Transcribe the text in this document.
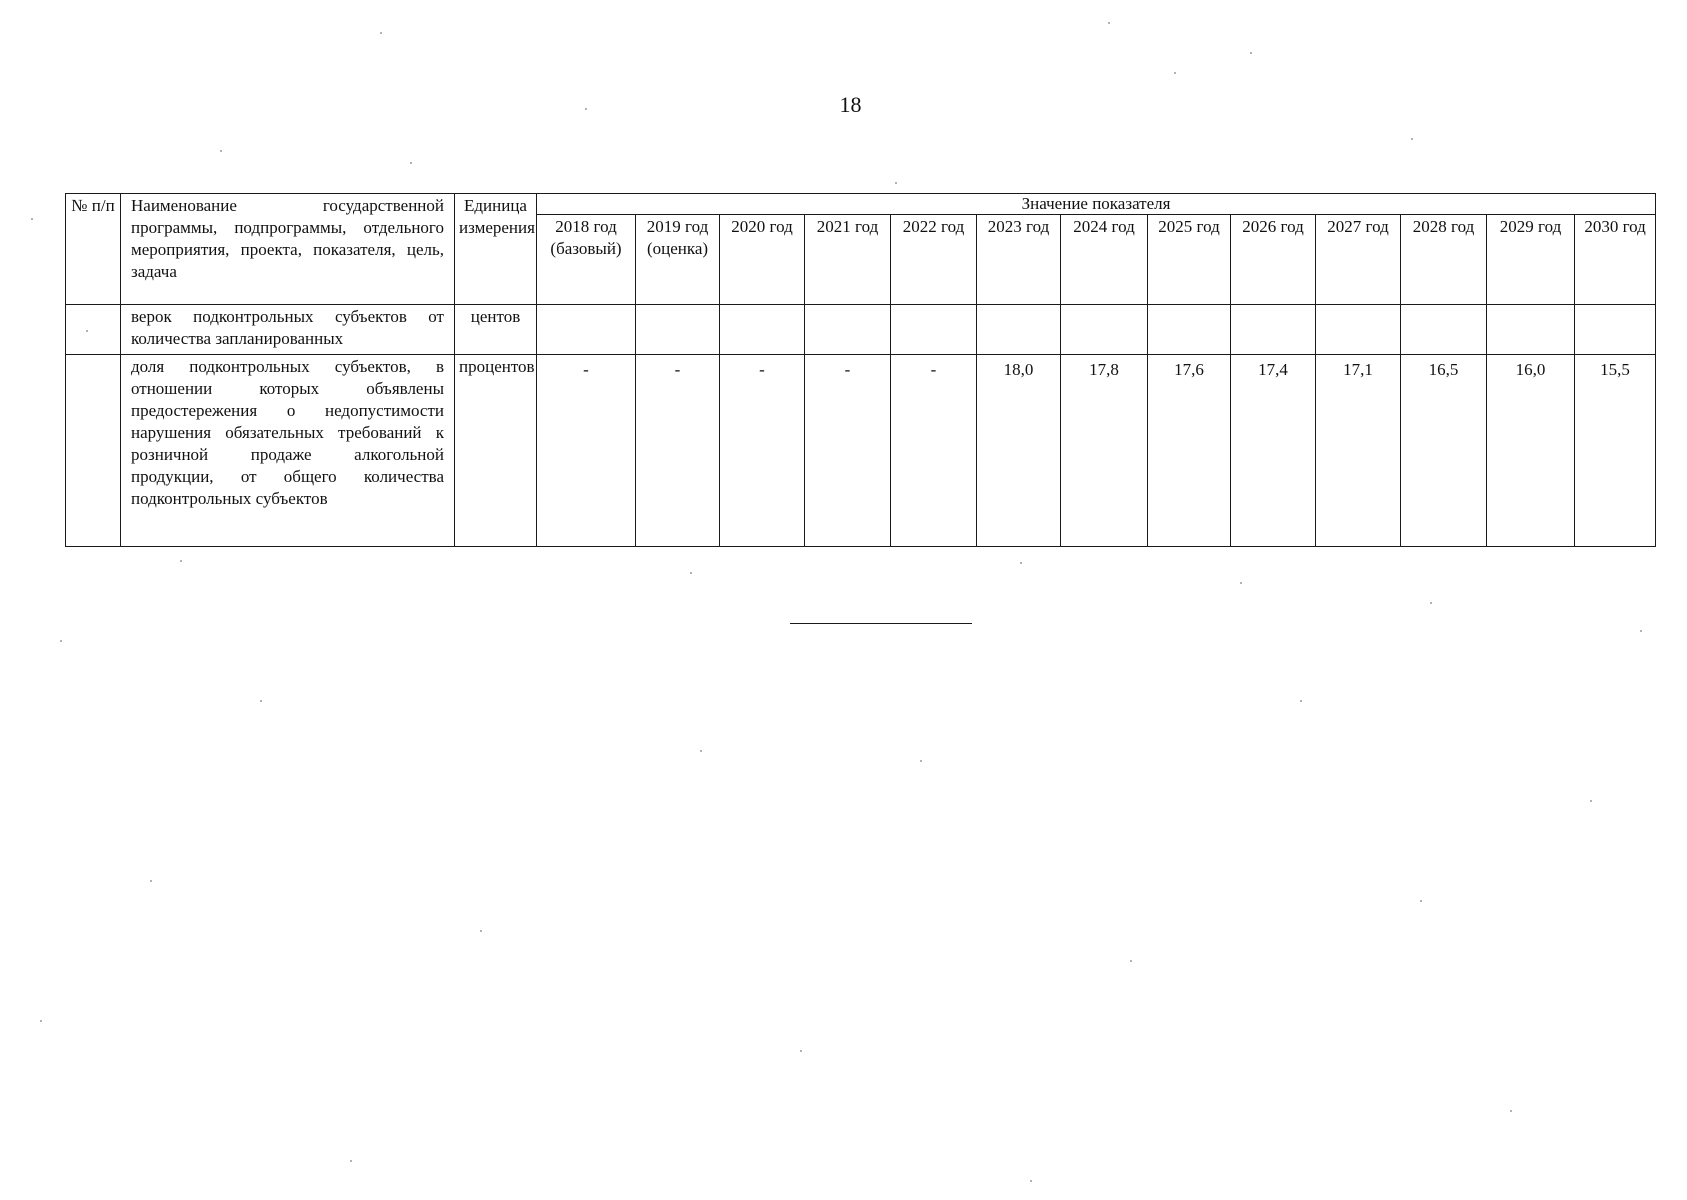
18
№ п/п	Наименование государственной программы, подпрограммы, отдельного мероприятия, проекта, показателя, цель, задача	Единица измерения	Значение показателя												
			2018 год (базовый)	2019 год (оценка)	2020 год	2021 год	2022 год	2023 год	2024 год	2025 год	2026 год	2027 год	2028 год	2029 год	2030 год
	верок подконтрольных субъектов от количества запланированных	центов													
	доля подконтрольных субъектов, в отношении которых объявлены предостережения о недопустимости нарушения обязательных требований к розничной продаже алкогольной продукции, от общего количества подконтрольных субъектов	процентов	-	-	-	-	-	18,0	17,8	17,6	17,4	17,1	16,5	16,0	15,5
